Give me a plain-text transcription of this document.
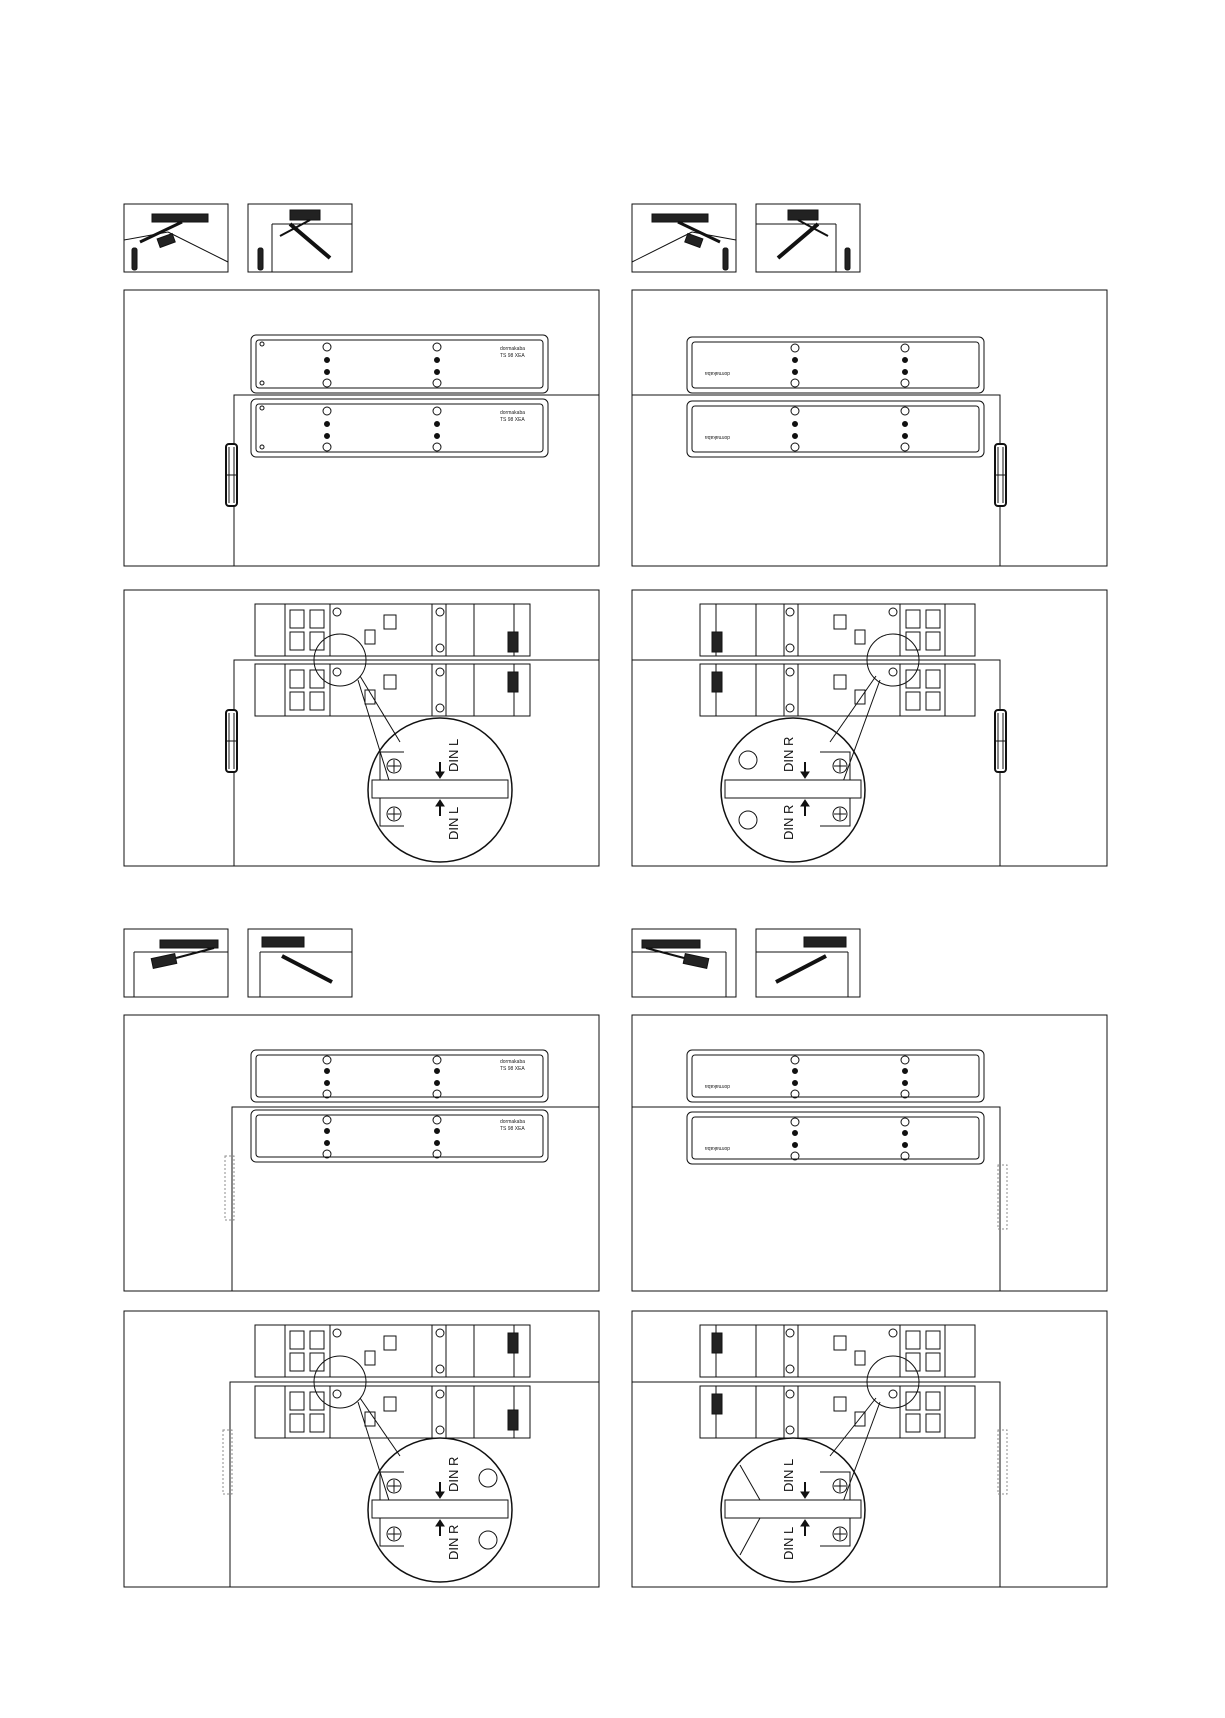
dormakaba
TS 98 XEA
dormakaba
TS 98 XEA
DIN L
DIN L
dormakaba
dormakaba
DIN R
DIN R
dormakaba
TS 98 XEA
dormakaba
TS 98 XEA
DIN R
DIN R
dormakaba
dormakaba
DIN L
DIN L
